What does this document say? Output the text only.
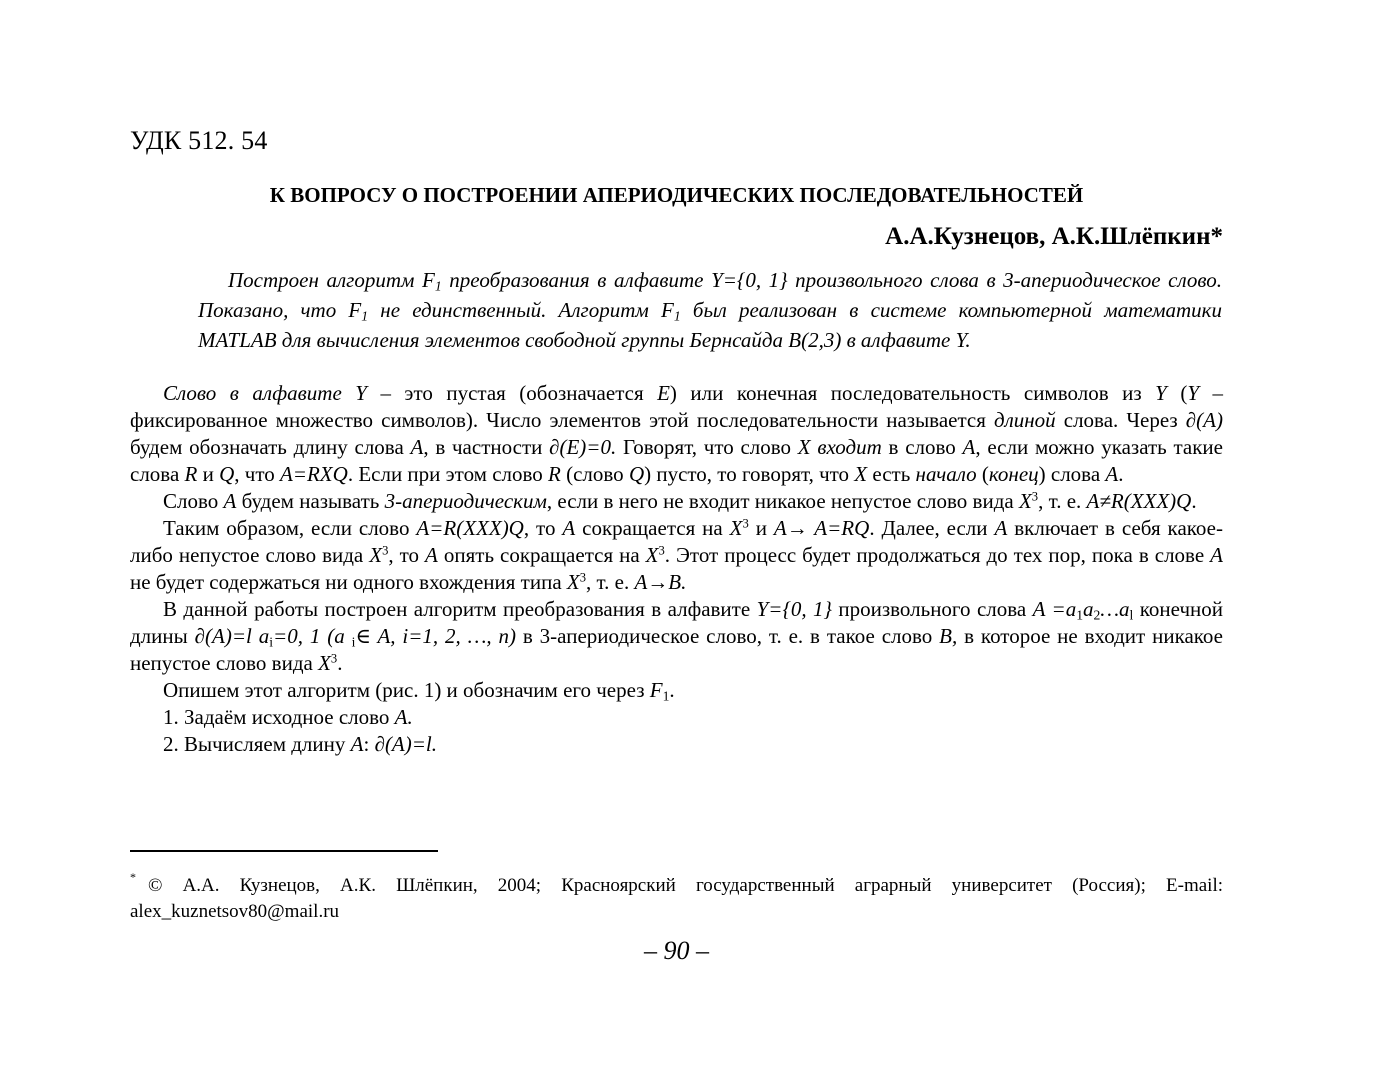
УДК 512. 54
К ВОПРОСУ О ПОСТРОЕНИИ АПЕРИОДИЧЕСКИХ ПОСЛЕДОВАТЕЛЬНОСТЕЙ
А.А.Кузнецов, А.К.Шлёпкин*
Построен алгоритм $F_1$ преобразования в алфавите Y={0, 1} произвольного слова в 3-апериодическое слово. Показано, что $F_1$ не единственный. Алгоритм $F_1$ был реализован в системе компьютерной математики MATLAB для вычисления элементов свободной группы Бернсайда B(2,3) в алфавите Y.

Слово в алфавите Y – это пустая (обозначается E) или конечная последовательность символов из Y (Y – фиксированное множество символов). Число элементов этой последовательности называется длиной слова. Через ∂(A) будем обозначать длину слова A, в частности ∂(E)=0. Говорят, что слово X входит в слово A, если можно указать такие слова R и Q, что A=RXQ. Если при этом слово R (слово Q) пусто, то говорят, что X есть начало (конец) слова A.

Слово A будем называть 3-апериодическим, если в него не входит никакое непустое слово вида $X^3$, т. е. A≠R(XXX)Q.

Таким образом, если слово A=R(XXX)Q, то A сокращается на $X^3$ и A→ A=RQ. Далее, если A включает в себя какое-либо непустое слово вида $X^3$, то A опять сокращается на $X^3$. Этот процесс будет продолжаться до тех пор, пока в слове A не будет содержаться ни одного вхождения типа $X^3$, т. е. A→B.

В данной работы построен алгоритм преобразования в алфавите Y={0, 1} произвольного слова $A =a_1a_2\dots a_l$ конечной длины ∂(A)=l $a_i=0$, 1 (a $_i$∈ A, i=1, 2, …, n) в 3-апериодическое слово, т. е. в такое слово B, в которое не входит никакое непустое слово вида $X^3$.

Опишем этот алгоритм (рис. 1) и обозначим его через $F_1$.

1. Задаём исходное слово A.

2. Вычисляем длину A: ∂(A)=l.

* © А.А. Кузнецов, А.К. Шлёпкин, 2004; Красноярский государственный аграрный университет (Россия); E-mail: alex_kuznetsov80@mail.ru
– 90 –
